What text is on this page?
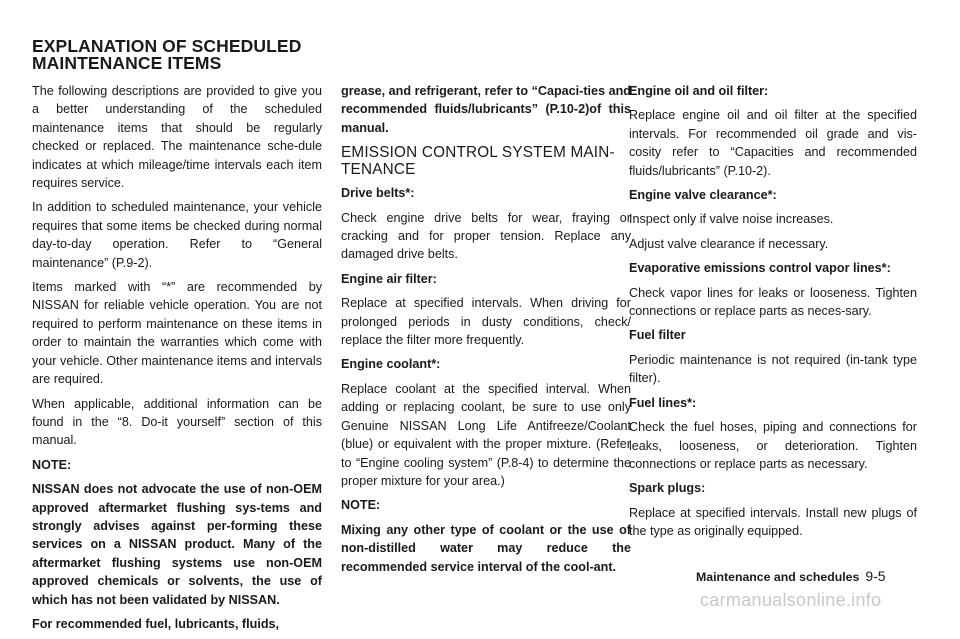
EXPLANATION OF SCHEDULED
MAINTENANCE ITEMS

The following descriptions are provided to give you a better understanding of the scheduled maintenance items that should be regularly checked or replaced. The maintenance sche-dule indicates at which mileage/time intervals each item requires service.

In addition to scheduled maintenance, your vehicle requires that some items be checked during normal day-to-day operation. Refer to “General maintenance” (P.9-2).

Items marked with “*” are recommended by NISSAN for reliable vehicle operation. You are not required to perform maintenance on these items in order to maintain the warranties which come with your vehicle. Other maintenance items and intervals are required.

When applicable, additional information can be found in the “8. Do-it yourself” section of this manual.

NOTE:

NISSAN does not advocate the use of non-OEM approved aftermarket flushing sys-tems and strongly advises against per-forming these services on a NISSAN product. Many of the aftermarket flushing systems use non-OEM approved chemicals or solvents, the use of which has not been validated by NISSAN.

For recommended fuel, lubricants, fluids,

grease, and refrigerant, refer to “Capaci-ties and recommended fluids/lubricants” (P.10-2)of this manual.

EMISSION CONTROL SYSTEM MAIN-TENANCE

Drive belts*:

Check engine drive belts for wear, fraying or cracking and for proper tension. Replace any damaged drive belts.

Engine air filter:

Replace at specified intervals. When driving for prolonged periods in dusty conditions, check/ replace the filter more frequently.

Engine coolant*:

Replace coolant at the specified interval. When adding or replacing coolant, be sure to use only Genuine NISSAN Long Life Antifreeze/Coolant (blue) or equivalent with the proper mixture. (Refer to “Engine cooling system” (P.8-4) to determine the proper mixture for your area.)

NOTE:

Mixing any other type of coolant or the use of non-distilled water may reduce the recommended service interval of the cool-ant.

Engine oil and oil filter:

Replace engine oil and oil filter at the specified intervals. For recommended oil grade and vis-cosity refer to “Capacities and recommended fluids/lubricants” (P.10-2).

Engine valve clearance*:

Inspect only if valve noise increases.

Adjust valve clearance if necessary.

Evaporative emissions control vapor lines*:

Check vapor lines for leaks or looseness. Tighten connections or replace parts as neces-sary.

Fuel filter

Periodic maintenance is not required (in-tank type filter).

Fuel lines*:

Check the fuel hoses, piping and connections for leaks, looseness, or deterioration. Tighten connections or replace parts as necessary.

Spark plugs:

Replace at specified intervals. Install new plugs of the type as originally equipped.

Maintenance and schedules 9-5
carmanualsonline.info
